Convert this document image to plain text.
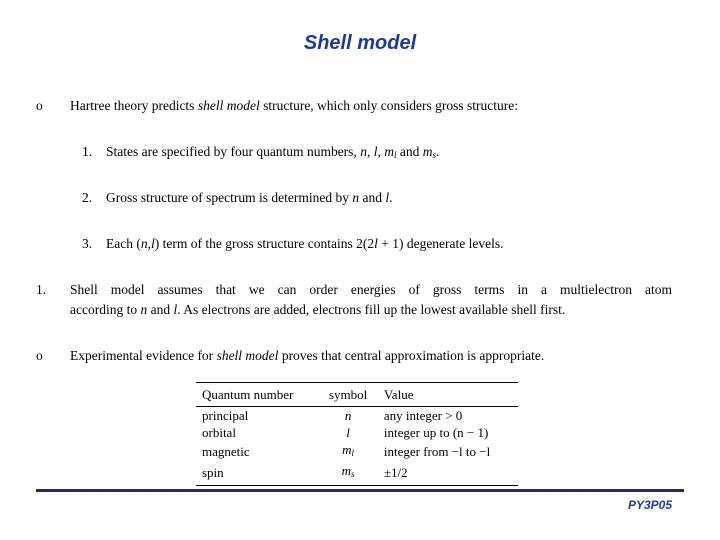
Shell model
o Hartree theory predicts shell model structure, which only considers gross structure:
1. States are specified by four quantum numbers, n, l, $m_l$ and $m_s$.
2. Gross structure of spectrum is determined by n and l.
3. Each (n,l) term of the gross structure contains 2(2l + 1) degenerate levels.
1. Shell model assumes that we can order energies of gross terms in a multielectron atom
according to n and l. As electrons are added, electrons fill up the lowest available shell first.
o Experimental evidence for shell model proves that central approximation is appropriate.
Quantum number	symbol	Value
principal	n	any integer > 0
orbital	l	integer up to (n − 1)
magnetic	$m_l$	integer from −l to −l
spin	$m_s$	±1/2
PY3P05
